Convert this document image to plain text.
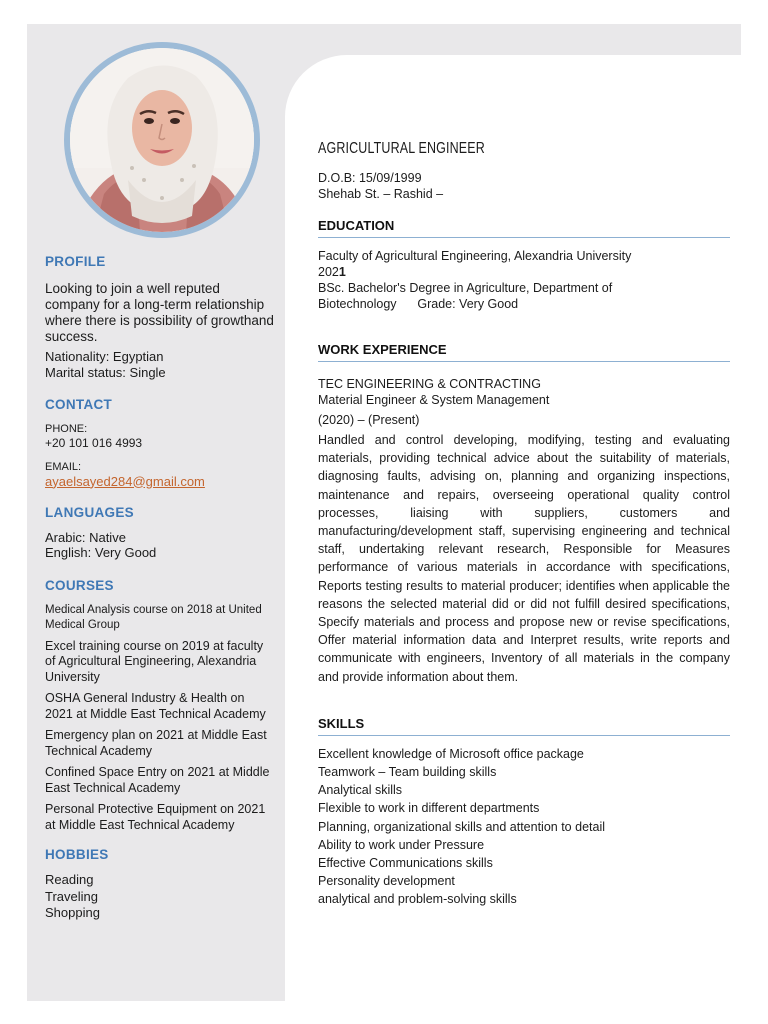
PROFILE
Looking to join a well reputed company for a long-term relationship where there is possibility of growthand success.
Nationality: Egyptian
Marital status: Single
CONTACT
PHONE:
+20 101 016 4993
EMAIL:
ayaelsayed284@gmail.com
LANGUAGES
Arabic: Native
English: Very Good
COURSES
Medical Analysis course on 2018 at United Medical Group
Excel training course on 2019 at faculty of Agricultural Engineering, Alexandria University
OSHA General Industry & Health on 2021 at Middle East Technical Academy
Emergency plan on 2021 at Middle East Technical Academy
Confined Space Entry on 2021 at Middle East Technical Academy
Personal Protective Equipment on 2021 at Middle East Technical Academy
HOBBIES
Reading
Traveling
Shopping
AGRICULTURAL ENGINEER
D.O.B: 15/09/1999
Shehab St. – Rashid –
EDUCATION
Faculty of Agricultural Engineering, Alexandria University
2021
BSc. Bachelor's Degree in Agriculture, Department of Biotechnology Grade: Very Good
WORK EXPERIENCE
TEC ENGINEERING & CONTRACTING
Material Engineer & System Management
(2020) – (Present)
Handled and control developing, modifying, testing and evaluating materials, providing technical advice about the suitability of materials, diagnosing faults, advising on, planning and organizing inspections, maintenance and repairs, overseeing operational quality control processes, liaising with suppliers, customers and manufacturing/development staff, supervising engineering and technical staff, undertaking relevant research, Responsible for Measures performance of various materials in accordance with specifications, Reports testing results to material producer; identifies when applicable the reasons the selected material did or did not fulfill desired specifications, Specify materials and process and propose new or revise specifications, Offer material information data and Interpret results, write reports and communicate with engineers, Inventory of all materials in the company and provide information about them.
SKILLS
Excellent knowledge of Microsoft office package
Teamwork – Team building skills
Analytical skills
Flexible to work in different departments
Planning, organizational skills and attention to detail
Ability to work under Pressure
Effective Communications skills
Personality development
analytical and problem-solving skills
